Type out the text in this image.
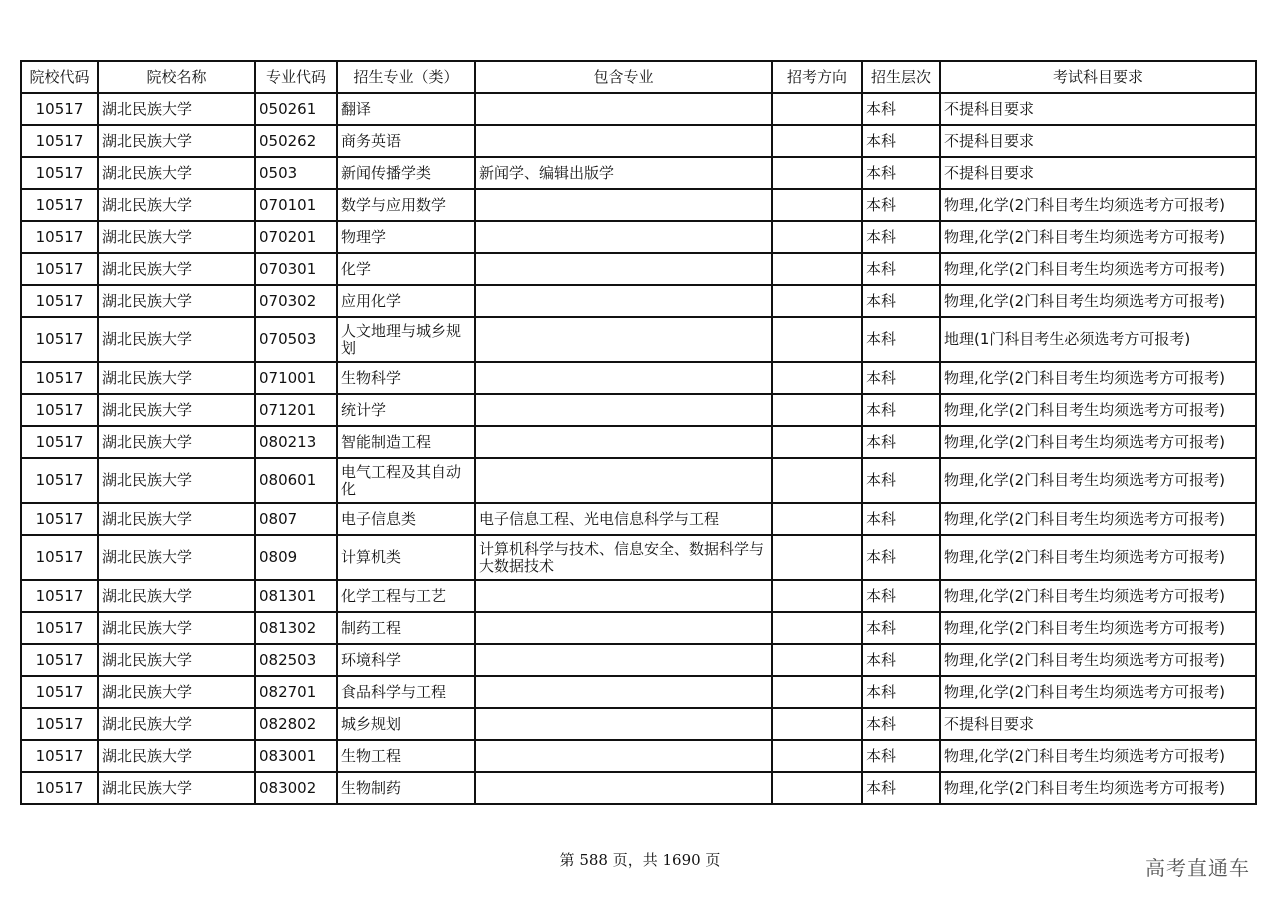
院校代码	院校名称	专业代码	招生专业（类）	包含专业	招考方向	招生层次	考试科目要求
10517	湖北民族大学	050261	翻译			本科	不提科目要求
10517	湖北民族大学	050262	商务英语			本科	不提科目要求
10517	湖北民族大学	0503	新闻传播学类	新闻学、编辑出版学		本科	不提科目要求
10517	湖北民族大学	070101	数学与应用数学			本科	物理,化学(2门科目考生均须选考方可报考)
10517	湖北民族大学	070201	物理学			本科	物理,化学(2门科目考生均须选考方可报考)
10517	湖北民族大学	070301	化学			本科	物理,化学(2门科目考生均须选考方可报考)
10517	湖北民族大学	070302	应用化学			本科	物理,化学(2门科目考生均须选考方可报考)
10517	湖北民族大学	070503	人文地理与城乡规划			本科	地理(1门科目考生必须选考方可报考)
10517	湖北民族大学	071001	生物科学			本科	物理,化学(2门科目考生均须选考方可报考)
10517	湖北民族大学	071201	统计学			本科	物理,化学(2门科目考生均须选考方可报考)
10517	湖北民族大学	080213	智能制造工程			本科	物理,化学(2门科目考生均须选考方可报考)
10517	湖北民族大学	080601	电气工程及其自动化			本科	物理,化学(2门科目考生均须选考方可报考)
10517	湖北民族大学	0807	电子信息类	电子信息工程、光电信息科学与工程		本科	物理,化学(2门科目考生均须选考方可报考)
10517	湖北民族大学	0809	计算机类	计算机科学与技术、信息安全、数据科学与大数据技术		本科	物理,化学(2门科目考生均须选考方可报考)
10517	湖北民族大学	081301	化学工程与工艺			本科	物理,化学(2门科目考生均须选考方可报考)
10517	湖北民族大学	081302	制药工程			本科	物理,化学(2门科目考生均须选考方可报考)
10517	湖北民族大学	082503	环境科学			本科	物理,化学(2门科目考生均须选考方可报考)
10517	湖北民族大学	082701	食品科学与工程			本科	物理,化学(2门科目考生均须选考方可报考)
10517	湖北民族大学	082802	城乡规划			本科	不提科目要求
10517	湖北民族大学	083001	生物工程			本科	物理,化学(2门科目考生均须选考方可报考)
10517	湖北民族大学	083002	生物制药			本科	物理,化学(2门科目考生均须选考方可报考)
第 588 页，共 1690 页	高考直通车
